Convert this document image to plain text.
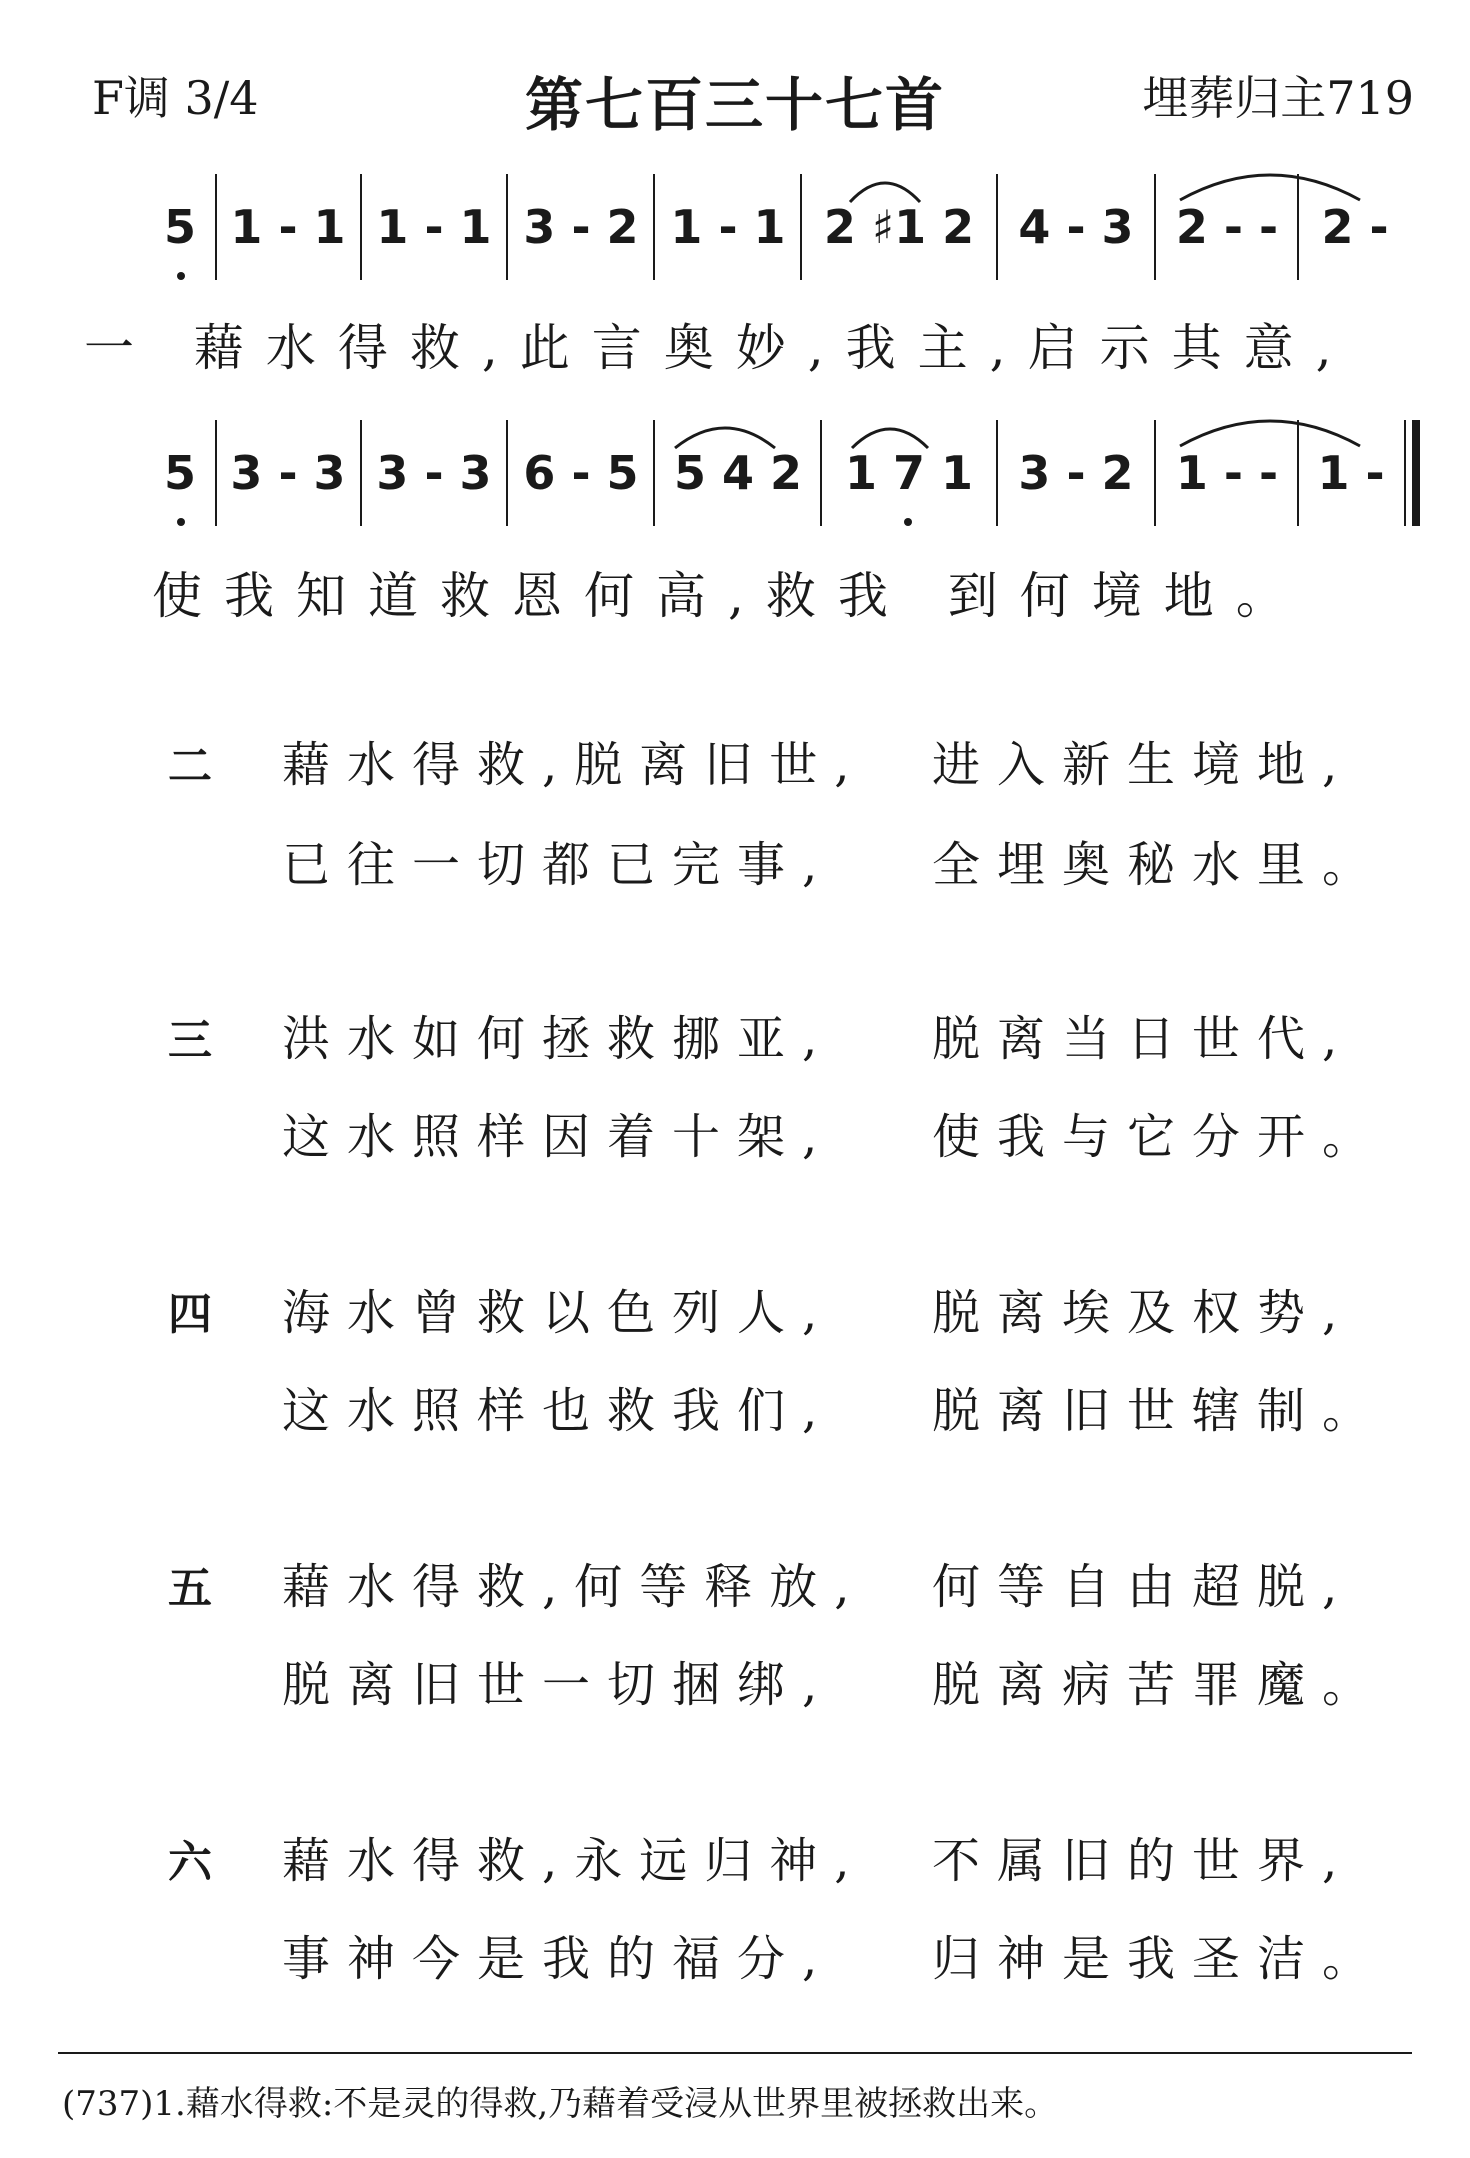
F调 3/4	第七百三十七首	埋葬归主719
5 1 - 1 1 - 1 3 - 2 1 - 1 2 ♯1 2 4 - 3 2 - - 2 -
一 藉水得救,此言奥妙,我主,启示其意,
5 3 - 3 3 - 3 6 - 5 5 4 2 1 7 1 3 - 2 1 - - 1 -
使我知道救恩何高,救我 到何境地。
二 藉水得救,脱离旧世, 进入新生境地,
已往一切都已完事, 全埋奥秘水里。
三 洪水如何拯救挪亚, 脱离当日世代,
这水照样因着十架, 使我与它分开。
四 海水曾救以色列人, 脱离埃及权势,
这水照样也救我们, 脱离旧世辖制。
五 藉水得救,何等释放, 何等自由超脱,
脱离旧世一切捆绑, 脱离病苦罪魔。
六 藉水得救,永远归神, 不属旧的世界,
事神今是我的福分, 归神是我圣洁。
(737)1.藉水得救:不是灵的得救,乃藉着受浸从世界里被拯救出来。
